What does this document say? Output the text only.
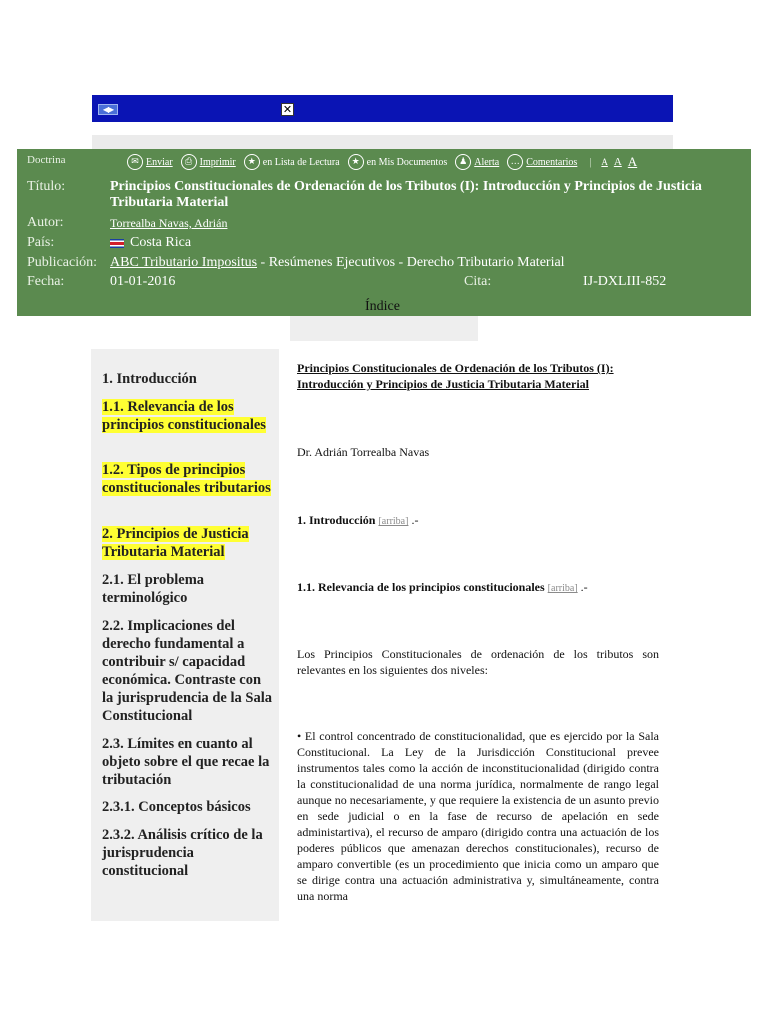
◀▶	✕
Doctrina	✉ Enviar	⎙ Imprimir	★ en Lista de Lectura	★ en Mis Documentos	♟ Alerta	… Comentarios | A A A
Título:	Principios Constitucionales de Ordenación de los Tributos (I): Introducción y Principios de Justicia Tributaria Material
Autor:	Torrealba Navas, Adrián
País:	Costa Rica
Publicación: ABC Tributario Impositus - Resúmenes Ejecutivos - Derecho Tributario Material
Fecha:	01-01-2016	Cita:	IJ-DXLIII-852
Índice
1. Introducción
1.1. Relevancia de los principios constitucionales
1.2. Tipos de principios constitucionales tributarios
2. Principios de Justicia Tributaria Material
2.1. El problema terminológico
2.2. Implicaciones del derecho fundamental a contribuir s/ capacidad económica. Contraste con la jurisprudencia de la Sala Constitucional
2.3. Límites en cuanto al objeto sobre el que recae la tributación
2.3.1. Conceptos básicos
2.3.2. Análisis crítico de la jurisprudencia constitucional
Principios Constitucionales de Ordenación de los Tributos (I): Introducción y Principios de Justicia Tributaria Material
Dr. Adrián Torrealba Navas
1. Introducción [arriba] .-
1.1. Relevancia de los principios constitucionales [arriba] .-
Los Principios Constitucionales de ordenación de los tributos son relevantes en los siguientes dos niveles:
• El control concentrado de constitucionalidad, que es ejercido por la Sala Constitucional. La Ley de la Jurisdicción Constitucional prevee instrumentos tales como la acción de inconstitucionalidad (dirigido contra la constitucionalidad de una norma jurídica, normalmente de rango legal aunque no necesariamente, y que requiere la existencia de un asunto previo en sede judicial o en la fase de recurso de apelación en sede administartiva), el recurso de amparo (dirigido contra una actuación de los poderes públicos que amenazan derechos constitucionales), recurso de amparo convertible (es un procedimiento que inicia como un amparo que se dirige contra una actuación administrativa y, simultáneamente, contra una norma
